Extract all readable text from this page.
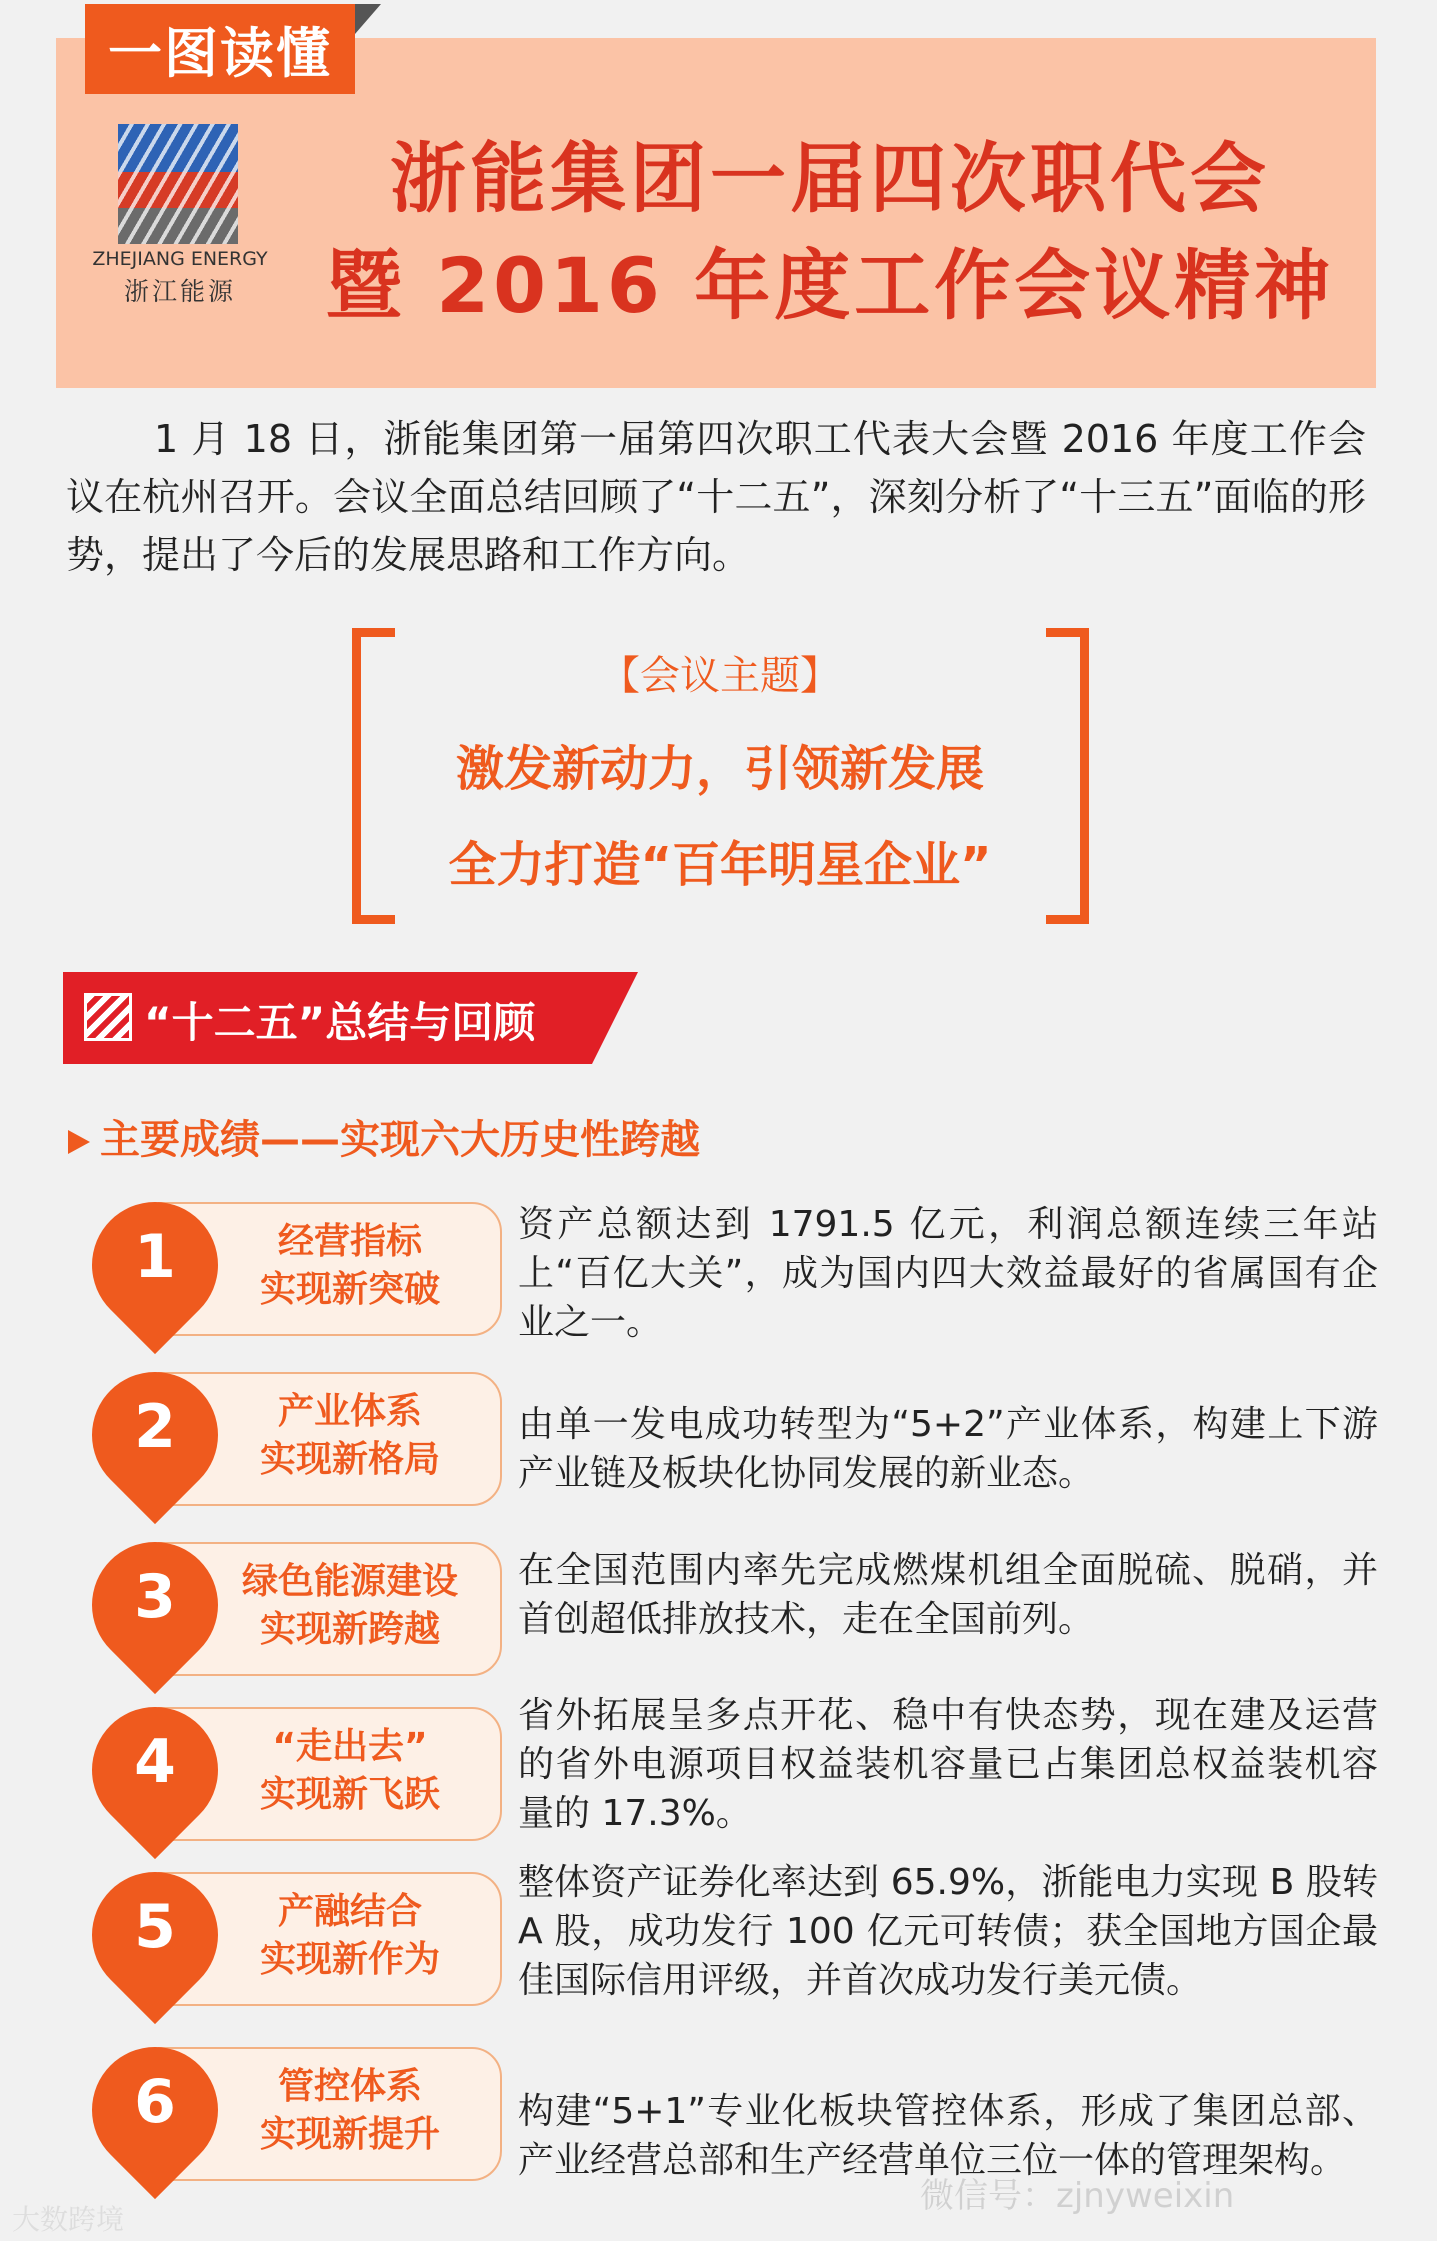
一图读懂
ZHEJIANG ENERGY
浙江能源
浙能集团一届四次职代会
暨 2016 年度工作会议精神
1 月 18 日，浙能集团第一届第四次职工代表大会暨 2016 年度工作会议在杭州召开。会议全面总结回顾了“十二五”，深刻分析了“十三五”面临的形势，提出了今后的发展思路和工作方向。
【会议主题】
激发新动力，引领新发展
全力打造“百年明星企业”
“十二五”总结与回顾
主要成绩——实现六大历史性跨越
经营指标
实现新突破
1	资产总额达到 1791.5 亿元，利润总额连续三年站上“百亿大关”，成为国内四大效益最好的省属国有企业之一。
产业体系
实现新格局
2	由单一发电成功转型为“5+2”产业体系，构建上下游产业链及板块化协同发展的新业态。
绿色能源建设
实现新跨越
3	在全国范围内率先完成燃煤机组全面脱硫、脱硝，并首创超低排放技术，走在全国前列。
“走出去”
实现新飞跃
4
省外拓展呈多点开花、稳中有快态势，现在建及运营的省外电源项目权益装机容量已占集团总权益装机容量的 17.3%。
产融结合
实现新作为
5
整体资产证券化率达到 65.9%，浙能电力实现 B 股转 A 股，成功发行 100 亿元可转债；获全国地方国企最佳国际信用评级，并首次成功发行美元债。
管控体系
实现新提升
6	构建“5+1”专业化板块管控体系，形成了集团总部、产业经营总部和生产经营单位三位一体的管理架构。
大数跨境
微信号：zjnyweixin
